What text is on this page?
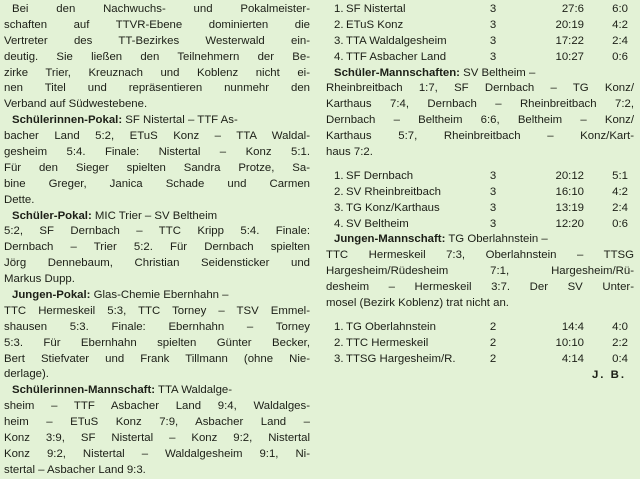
Bei den Nachwuchs- und Pokalmeister-
schaften auf TTVR-Ebene dominierten die
Vertreter des TT-Bezirkes Westerwald ein-
deutig. Sie ließen den Teilnehmern der Be-
zirke Trier, Kreuznach und Koblenz nicht ei-
nen Titel und repräsentieren nunmehr den
Verband auf Südwestebene.
Schülerinnen-Pokal: SF Nistertal – TTF As-
bacher Land 5:2, ETuS Konz – TTA Waldal-
gesheim 5:4. Finale: Nistertal – Konz 5:1.
Für den Sieger spielten Sandra Protze, Sa-
bine Greger, Janica Schade und Carmen
Dette.
Schüler-Pokal: MIC Trier – SV Beltheim
5:2, SF Dernbach – TTC Kripp 5:4. Finale:
Dernbach – Trier 5:2. Für Dernbach spielten
Jörg Dennebaum, Christian Seidensticker und
Markus Dupp.
Jungen-Pokal: Glas-Chemie Ebernhahn –
TTC Hermeskeil 5:3, TTC Torney – TSV Emmel-
shausen 5:3. Finale: Ebernhahn – Torney
5:3. Für Ebernhahn spielten Günter Becker,
Bert Stiefvater und Frank Tillmann (ohne Nie-
derlage).
Schülerinnen-Mannschaft: TTA Waldalge-
sheim – TTF Asbacher Land 9:4, Waldalges-
heim – ETuS Konz 7:9, Asbacher Land –
Konz 3:9, SF Nistertal – Konz 9:2, Nistertal
Konz 9:2, Nistertal – Waldalgesheim 9:1, Ni-
stertal – Asbacher Land 9:3.
1. SF Nistertal	3	27:6	6:0
2. ETuS Konz	3	20:19	4:2
3. TTA Waldalgesheim	3	17:22	2:4
4. TTF Asbacher Land	3	10:27	0:6
Schüler-Mannschaften: SV Beltheim –
Rheinbreitbach 1:7, SF Dernbach – TG Konz/
Karthaus 7:4, Dernbach – Rheinbreitbach 7:2,
Dernbach – Beltheim 6:6, Beltheim – Konz/
Karthaus 5:7, Rheinbreitbach – Konz/Kart-
haus 7:2.
1. SF Dernbach	3	20:12	5:1
2. SV Rheinbreitbach	3	16:10	4:2
3. TG Konz/Karthaus	3	13:19	2:4
4. SV Beltheim	3	12:20	0:6
Jungen-Mannschaft: TG Oberlahnstein –
TTC Hermeskeil 7:3, Oberlahnstein – TTSG
Hargesheim/Rüdesheim 7:1, Hargesheim/Rü-
desheim – Hermeskeil 3:7. Der SV Unter-
mosel (Bezirk Koblenz) trat nicht an.
1. TG Oberlahnstein	2	14:4	4:0
2. TTC Hermeskeil	2	10:10	2:2
3. TTSG Hargesheim/R.	2	4:14	0:4
J. B.
